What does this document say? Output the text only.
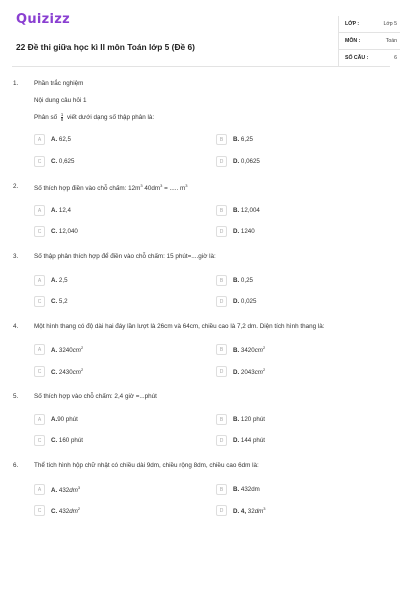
Quizizz
22 Đề thi giữa học kì II môn Toán lớp 5 (Đề 6)
LỚP :	Lớp 5
MÔN :	Toán
SỐ CÂU :	6
1. Phần trắc nghiệm
Nội dung câu hỏi 1
Phân số $\frac{1}{8}$ viết dưới dạng số thập phân là:
A	A. 62,5	B	B. 6,25
C	C. 0,625	D	D. 0,0625
2. Số thích hợp điền vào chỗ chấm: $12m^3$ $40dm^3$ = ..... $m^3$
A	A. 12,4	B	B. 12,004
C	C. 12,040	D	D. 1240
3. Số thập phân thích hợp để điền vào chỗ chấm: 15 phút=....giờ là:
A	A. 2,5	B	B. 0,25
C	C. 5,2	D	D. 0,025
4. Một hình thang có độ dài hai đáy lần lượt là 26cm và 64cm, chiều cao là 7,2 dm. Diện tích hình thang là:
A	A. $3240cm^2$	B	B. $3420cm^2$
C	C. $2430cm^2$	D	D. $2043cm^2$
5. Số thích hợp vào chỗ chấm: 2,4 giờ =...phút
A	A.90 phút	B	B. 120 phút
C	C. 160 phút	D	D. 144 phút
6. Thể tích hình hộp chữ nhật có chiều dài 9dm, chiều rộng 8dm, chiều cao 6dm là:
A	A. $432dm^3$	B	B. 432dm
C	C. $432dm^2$	D	D. 4, $32dm^3$
